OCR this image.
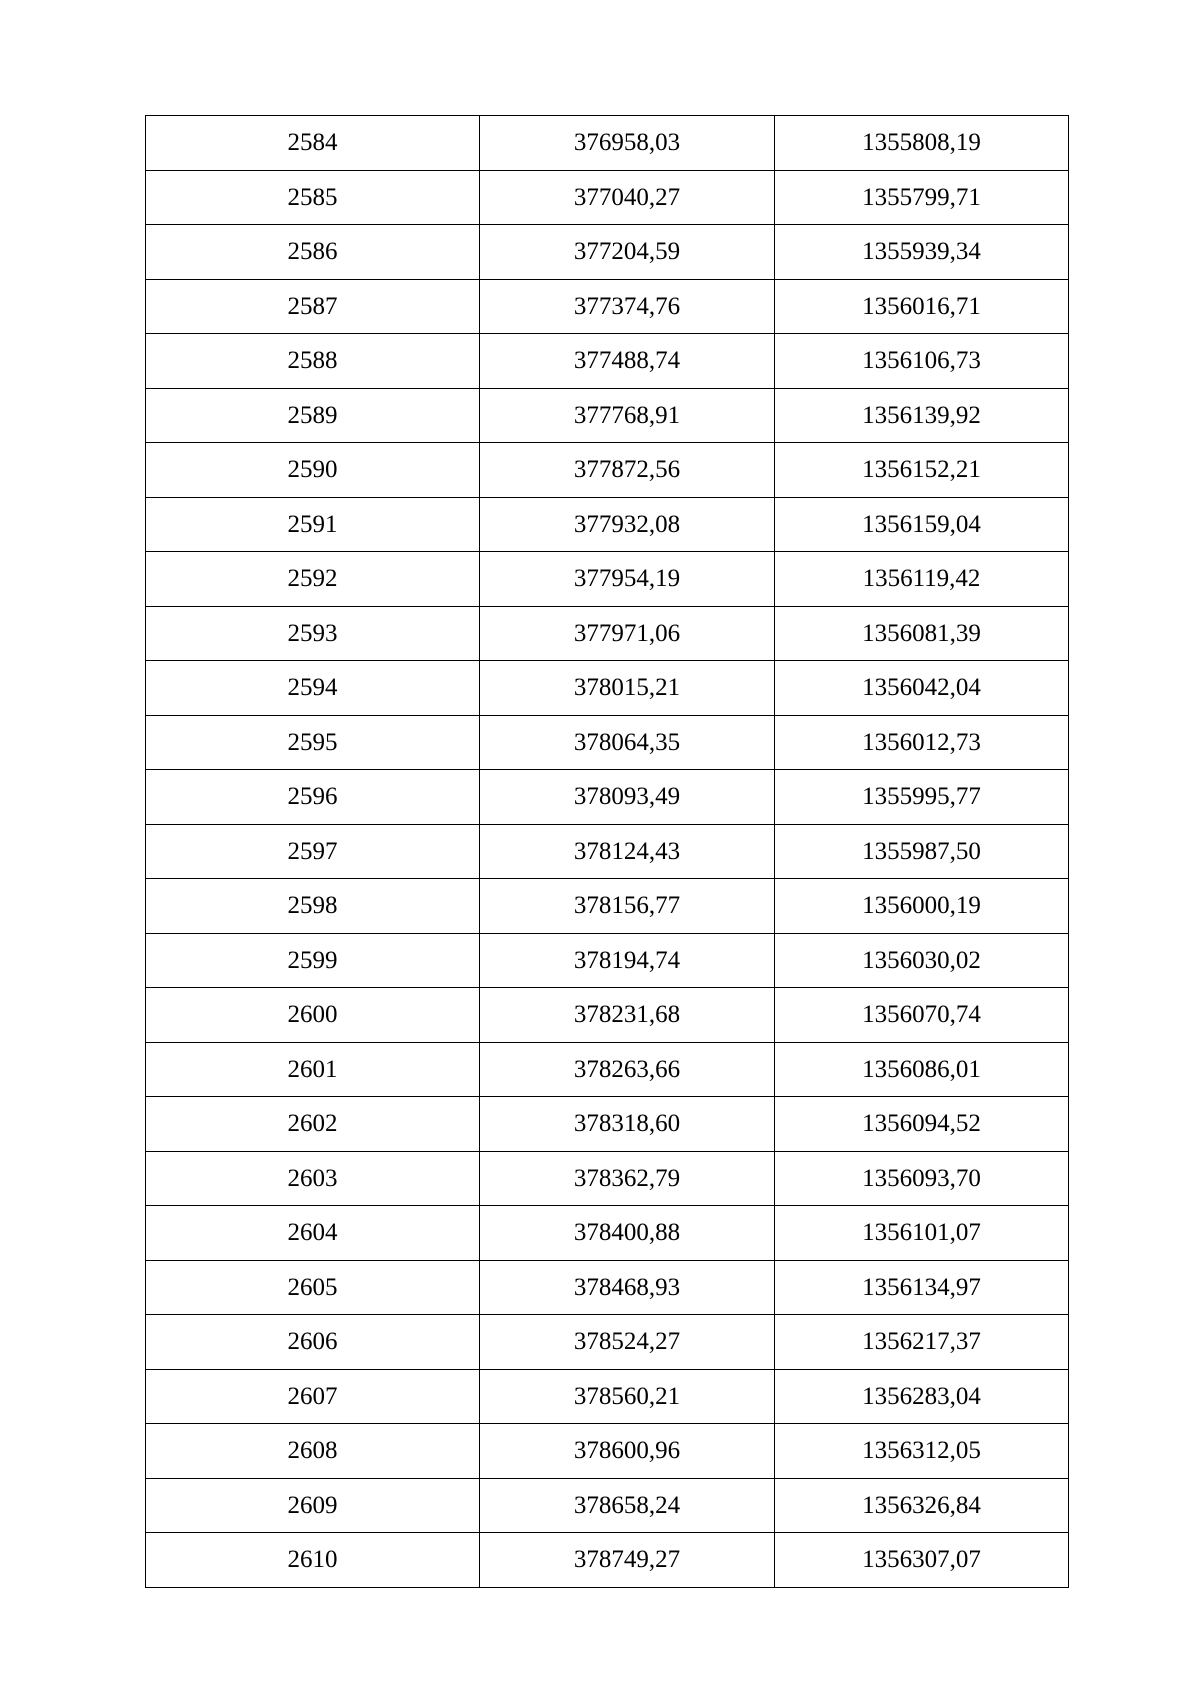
2584	376958,03	1355808,19
2585	377040,27	1355799,71
2586	377204,59	1355939,34
2587	377374,76	1356016,71
2588	377488,74	1356106,73
2589	377768,91	1356139,92
2590	377872,56	1356152,21
2591	377932,08	1356159,04
2592	377954,19	1356119,42
2593	377971,06	1356081,39
2594	378015,21	1356042,04
2595	378064,35	1356012,73
2596	378093,49	1355995,77
2597	378124,43	1355987,50
2598	378156,77	1356000,19
2599	378194,74	1356030,02
2600	378231,68	1356070,74
2601	378263,66	1356086,01
2602	378318,60	1356094,52
2603	378362,79	1356093,70
2604	378400,88	1356101,07
2605	378468,93	1356134,97
2606	378524,27	1356217,37
2607	378560,21	1356283,04
2608	378600,96	1356312,05
2609	378658,24	1356326,84
2610	378749,27	1356307,07
